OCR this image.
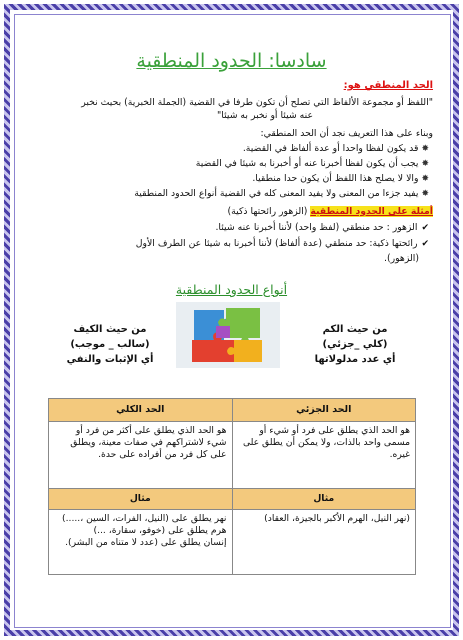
سادسا: الحدود المنطقية
الحد المنطقي هو:
"اللفظ أو مجموعة الألفاظ التي تصلح أن تكون طرفا في القضية (الجملة الخبرية) بحيث نخبر
عنه شيئا أو نخبر به شيئا"
وبناء على هذا التعريف نجد أن الحد المنطقي:
✸ قد يكون لفظا واحدا أو عدة ألفاظ في القضية.
✸ يجب أن يكون لفظا أخبرنا عنه أو أخبرنا به شيئا في القضية
✸ والا لا يصلح هذا اللفظ أن يكون حدا منطقيا.
✸ يفيد جزءا من المعنى ولا يفيد المعنى كله في القضية أنواع الحدود المنطقية
أمثلة على الحدود المنطقية (الزهور رائحتها ذكية)
✔ الزهور : حد منطقي (لفظ واحد) لأننا أخبرنا عنه شيئا.
✔ رائحتها ذكية: حد منطقي (عدة ألفاظ) لأننا أخبرنا به شيئا عن الطرف الأول
(الزهور).
أنواع الحدود المنطقية
من حيث الكم
(كلي _جزئي)
أي عدد مدلولاتها
من حيث الكيف
(سالب _ موجب)
أي الإثبات والنفي
الحد الجزئي	الحد الكلي
هو الحد الذي يطلق على فرد أو شيء أو مسمى واحد بالذات، ولا يمكن أن يطلق على غيره.	هو الحد الذي يطلق على أكثر من فرد أو شيء لاشتراكهم في صفات معينة، ويطلق على كل فرد من أفراده على حدة.
مثال	مثال
(نهر النيل، الهرم الأكبر بالجيزة، العقاد)	نهر يطلق على (النيل، الفرات، السين ،.....)
هرم يطلق على (خوفو، سقارة، ...)
إنسان يطلق على (عدد لا متناه من البشر).
